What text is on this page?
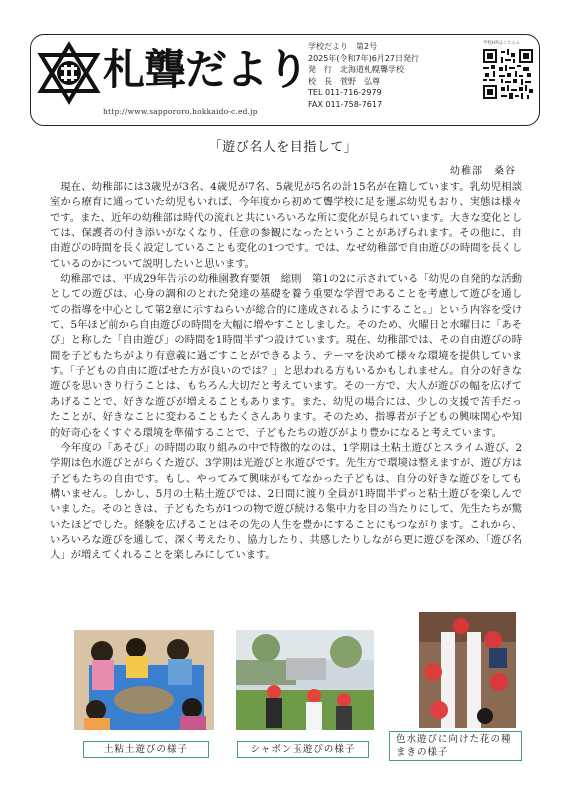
札聾だより
http://www.sappororo.hokkaido-c.ed.jp
学校だより　第2号
2025年(令和7年)6月27日発行
発　行　北海道札幌聾学校
校　長　菅野　弘尊
TEL 011-716-2979
FAX 011-758-7617
学校HPはこちら↓
「遊び名人を目指して」
幼稚部　桑谷

現在、幼稚部には3歳児が3名、4歳児が7名、5歳児が5名の計15名が在籍しています。乳幼児相談室から療育に通っていた幼児もいれば、今年度から初めて聾学校に足を運ぶ幼児もおり、実態は様々です。また、近年の幼稚部は時代の流れと共にいろいろな所に変化が見られています。大きな変化としては、保護者の付き添いがなくなり、任意の参観になったということがあげられます。その他に、自由遊びの時間を長く設定していることも変化の1つです。では、なぜ幼稚部で自由遊びの時間を長くしているのかについて説明したいと思います。

幼稚部では、平成29年告示の幼稚園教育要領　総則　第1の2に示されている「幼児の自発的な活動としての遊びは、心身の調和のとれた発達の基礎を養う重要な学習であることを考慮して遊びを通しての指導を中心として第2章に示すねらいが総合的に達成されるようにすること。」という内容を受けて、5年ほど前から自由遊びの時間を大幅に増やすことしました。そのため、火曜日と水曜日に「あそび」と称した「自由遊び」の時間を1時間半ずつ設けています。現在、幼稚部では、その自由遊びの時間を子どもたちがより有意義に過ごすことができるよう、テーマを決めて様々な環境を提供しています。「子どもの自由に遊ばせた方が良いのでは？」と思われる方もいるかもしれません。自分の好きな遊びを思いきり行うことは、もちろん大切だと考えています。その一方で、大人が遊びの幅を広げてあげることで、好きな遊びが増えることもあります。また、幼児の場合には、少しの支援で苦手だったことが、好きなことに変わることもたくさんあります。そのため、指導者が子どもの興味関心や知的好奇心をくすぐる環境を準備することで、子どもたちの遊びがより豊かになると考えています。

今年度の「あそび」の時間の取り組みの中で特徴的なのは、1学期は土粘土遊びとスライム遊び、2学期は色水遊びとがらくた遊び、3学期は光遊びと氷遊びです。先生方で環境は整えますが、遊び方は子どもたちの自由です。もし、やってみて興味がもてなかった子どもは、自分の好きな遊びをしても構いません。しかし、5月の土粘土遊びでは、2日間に渡り全員が1時間半ずっと粘土遊びを楽しんでいました。そのときは、子どもたちが1つの物で遊び続ける集中力を目の当たりにして、先生たちが驚いたほどでした。経験を広げることはその先の人生を豊かにすることにもつながります。これから、いろいろな遊びを通して、深く考えたり、協力したり、共感したりしながら更に遊びを深め、「遊び名人」が増えてくれることを楽しみにしています。

土粘土遊びの様子	シャボン玉遊びの様子
色水遊びに向けた花の種まきの様子
